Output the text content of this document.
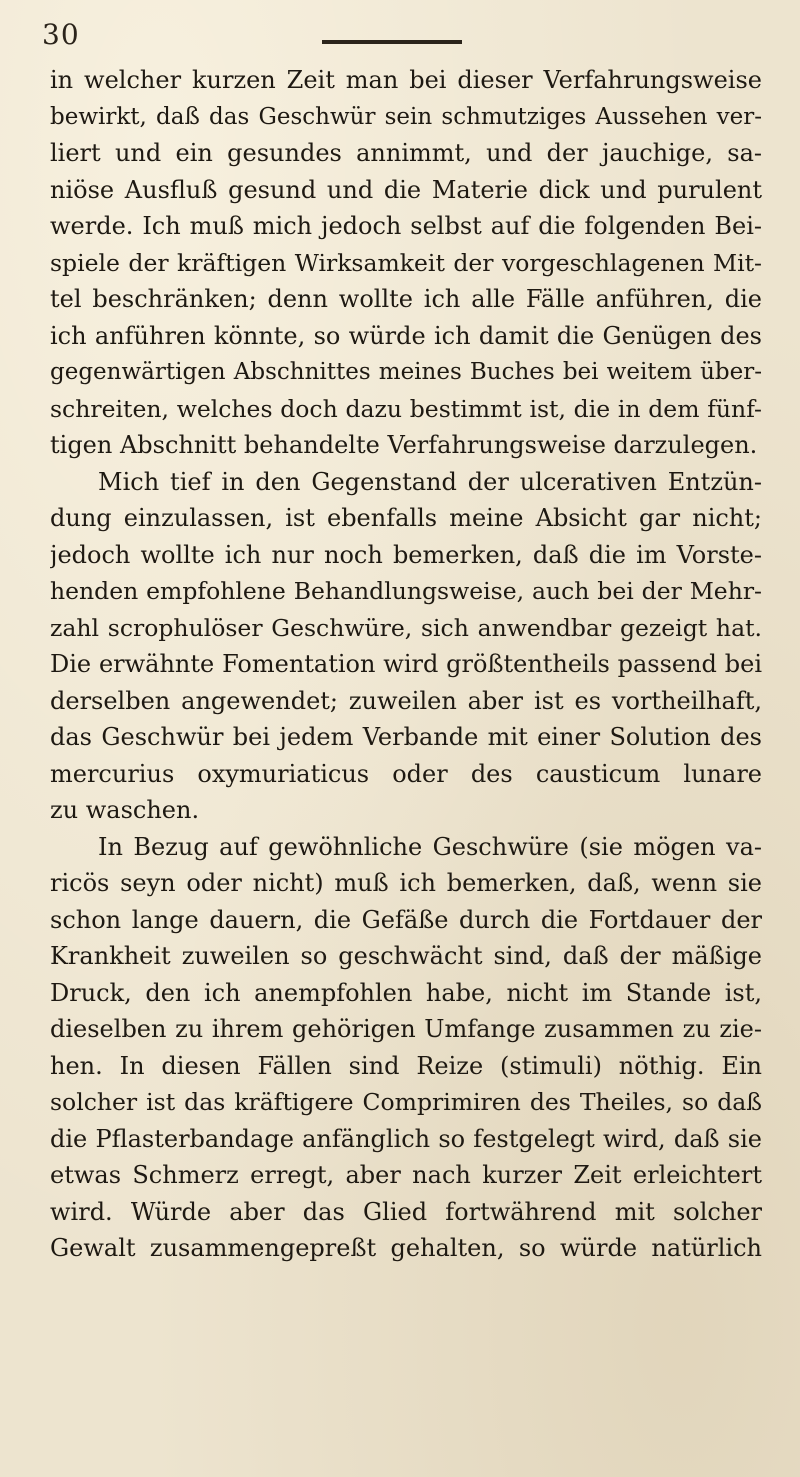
30
in welcher kurzen Zeit man bei dieser Verfahrungsweise
bewirkt, daß das Geschwür sein schmutziges Aussehen ver-
liert und ein gesundes annimmt, und der jauchige, sa-
niöse Ausfluß gesund und die Materie dick und purulent
werde. Ich muß mich jedoch selbst auf die folgenden Bei-
spiele der kräftigen Wirksamkeit der vorgeschlagenen Mit-
tel beschränken; denn wollte ich alle Fälle anführen, die
ich anführen könnte, so würde ich damit die Genügen des
gegenwärtigen Abschnittes meines Buches bei weitem über-
schreiten, welches doch dazu bestimmt ist, die in dem fünf-
tigen Abschnitt behandelte Verfahrungsweise darzulegen.
Mich tief in den Gegenstand der ulcerativen Entzün-
dung einzulassen, ist ebenfalls meine Absicht gar nicht;
jedoch wollte ich nur noch bemerken, daß die im Vorste-
henden empfohlene Behandlungsweise, auch bei der Mehr-
zahl scrophulöser Geschwüre, sich anwendbar gezeigt hat.
Die erwähnte Fomentation wird größtentheils passend bei
derselben angewendet; zuweilen aber ist es vortheilhaft,
das Geschwür bei jedem Verbande mit einer Solution des
mercurius oxymuriaticus oder des causticum lunare
zu waschen.
In Bezug auf gewöhnliche Geschwüre (sie mögen va-
ricös seyn oder nicht) muß ich bemerken, daß, wenn sie
schon lange dauern, die Gefäße durch die Fortdauer der
Krankheit zuweilen so geschwächt sind, daß der mäßige
Druck, den ich anempfohlen habe, nicht im Stande ist,
dieselben zu ihrem gehörigen Umfange zusammen zu zie-
hen. In diesen Fällen sind Reize (stimuli) nöthig. Ein
solcher ist das kräftigere Comprimiren des Theiles, so daß
die Pflasterbandage anfänglich so festgelegt wird, daß sie
etwas Schmerz erregt, aber nach kurzer Zeit erleichtert
wird. Würde aber das Glied fortwährend mit solcher
Gewalt zusammengepreßt gehalten, so würde natürlich
